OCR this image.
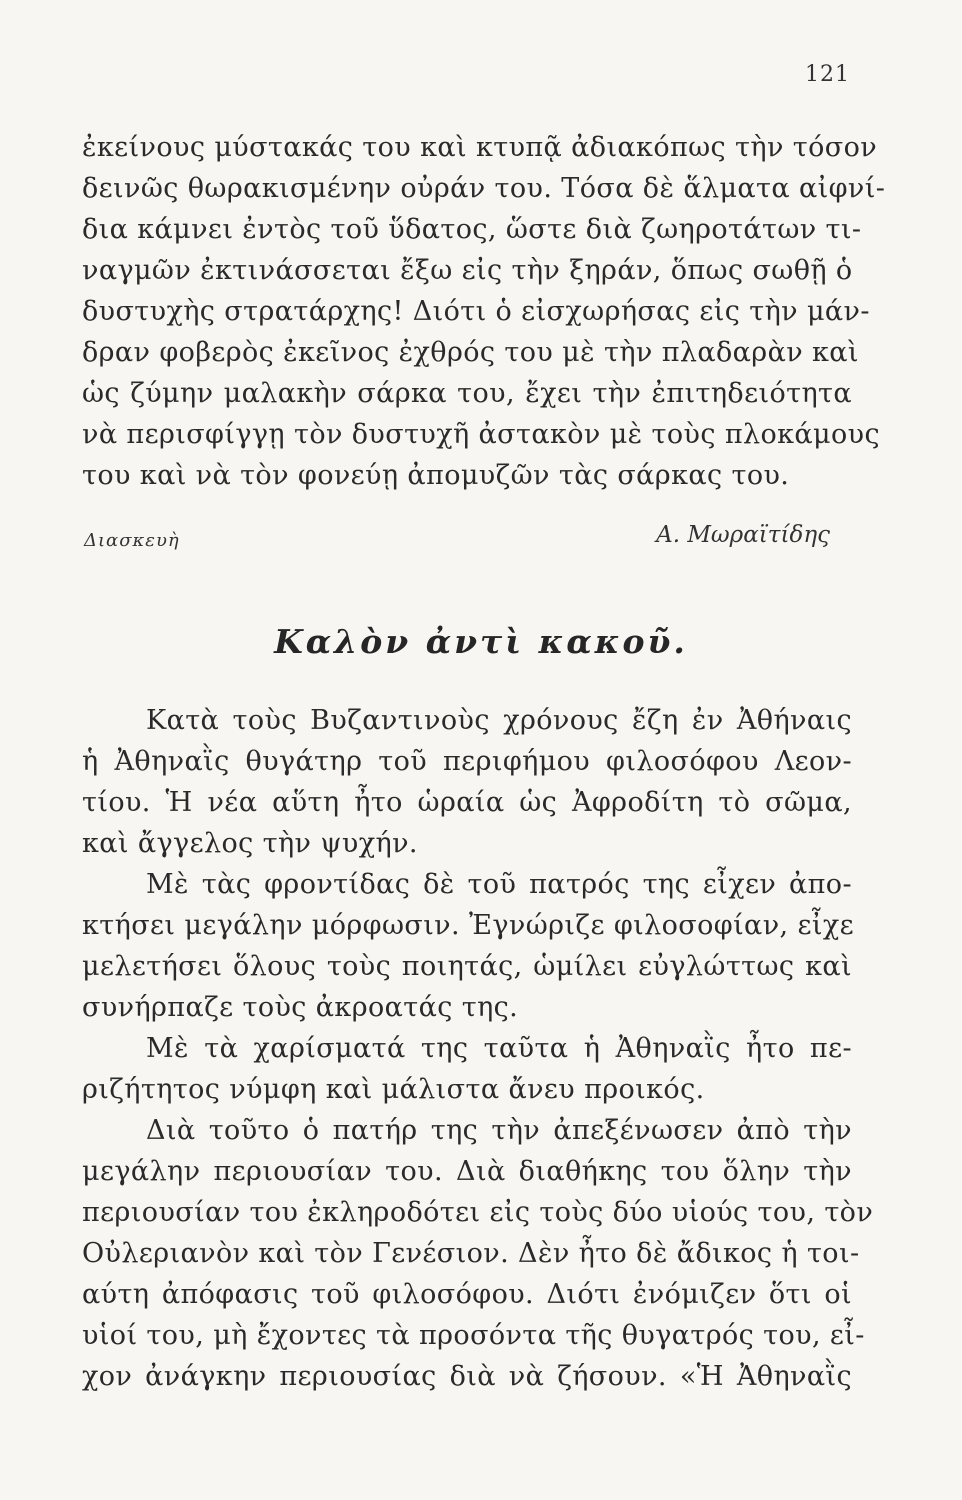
121
ἐκείνους μύστακάς του καὶ κτυπᾷ ἀδιακόπως τὴν τόσον
δεινῶς θωρακισμένην οὐράν του. Τόσα δὲ ἅλματα αἰφνί-
δια κάμνει ἐντὸς τοῦ ὕδατος, ὥστε διὰ ζωηροτάτων τι-
ναγμῶν ἐκτινάσσεται ἔξω εἰς τὴν ξηράν, ὅπως σωθῇ ὁ
δυστυχὴς στρατάρχης! Διότι ὁ εἰσχωρήσας εἰς τὴν μάν-
δραν φοβερὸς ἐκεῖνος ἐχθρός του μὲ τὴν πλαδαρὰν καὶ
ὡς ζύμην μαλακὴν σάρκα του, ἔχει τὴν ἐπιτηδειότητα
νὰ περισφίγγῃ τὸν δυστυχῆ ἀστακὸν μὲ τοὺς πλοκάμους
του καὶ νὰ τὸν φονεύῃ ἀπομυζῶν τὰς σάρκας του.
Διασκευὴ	Α. Μωραϊτίδης
Καλὸν ἀντὶ κακοῦ.
Κατὰ τοὺς Βυζαντινοὺς χρόνους ἔζη ἐν Ἀθήναις
ἡ Ἀθηναῒς θυγάτηρ τοῦ περιφήμου φιλοσόφου Λεον-
τίου. Ἡ νέα αὕτη ἦτο ὡραία ὡς Ἀφροδίτη τὸ σῶμα,
καὶ ἄγγελος τὴν ψυχήν.
Μὲ τὰς φροντίδας δὲ τοῦ πατρός της εἶχεν ἀπο-
κτήσει μεγάλην μόρφωσιν. Ἐγνώριζε φιλοσοφίαν, εἶχε
μελετήσει ὅλους τοὺς ποιητάς, ὡμίλει εὐγλώττως καὶ
συνήρπαζε τοὺς ἀκροατάς της.
Μὲ τὰ χαρίσματά της ταῦτα ἡ Ἀθηναῒς ἦτο πε-
ριζήτητος νύμφη καὶ μάλιστα ἄνευ προικός.
Διὰ τοῦτο ὁ πατήρ της τὴν ἀπεξένωσεν ἀπὸ τὴν
μεγάλην περιουσίαν του. Διὰ διαθήκης του ὅλην τὴν
περιουσίαν του ἐκληροδότει εἰς τοὺς δύο υἱούς του, τὸν
Οὐλεριανὸν καὶ τὸν Γενέσιον. Δὲν ἦτο δὲ ἄδικος ἡ τοι-
αύτη ἀπόφασις τοῦ φιλοσόφου. Διότι ἐνόμιζεν ὅτι οἱ
υἱοί του, μὴ ἔχοντες τὰ προσόντα τῆς θυγατρός του, εἶ-
χον ἀνάγκην περιουσίας διὰ νὰ ζήσουν. «Ἡ Ἀθηναῒς
